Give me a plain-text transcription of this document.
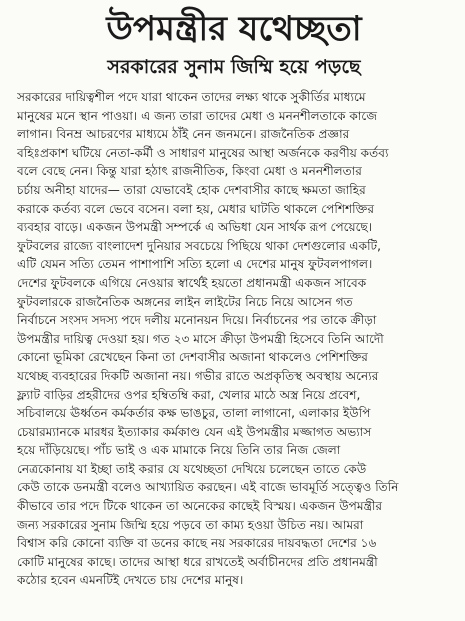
উপমন্ত্রীর যথেচ্ছতা
সরকারের সুনাম জিম্মি হয়ে পড়ছে
সরকারের দায়িত্বশীল পদে যারা থাকেন তাদের লক্ষ্য থাকে সুকীর্তির মাধ্যমে
মানুষের মনে স্থান পাওয়া। এ জন্য তারা তাদের মেধা ও মননশীলতাকে কাজে
লাগান। বিনম্র আচরণের মাধ্যমে ঠাঁই নেন জনমনে। রাজনৈতিক প্রজ্ঞার
বহিঃপ্রকাশ ঘটিয়ে নেতা-কর্মী ও সাধারণ মানুষের আস্থা অর্জনকে করণীয় কর্তব্য
বলে বেছে নেন। কিন্তু যারা হঠাৎ রাজনীতিক, কিংবা মেধা ও মননশীলতার
চর্চায় অনীহা যাদের— তারা যেভাবেই হোক দেশবাসীর কাছে ক্ষমতা জাহির
করাকে কর্তব্য বলে ভেবে বসেন। বলা হয়, মেধার ঘাটতি থাকলে পেশিশক্তির
ব্যবহার বাড়ে। একজন উপমন্ত্রী সম্পর্কে এ অভিধা যেন সার্থক রূপ পেয়েছে।
ফুটবলের রাজ্যে বাংলাদেশ দুনিয়ার সবচেয়ে পিছিয়ে থাকা দেশগুলোর একটি,
এটি যেমন সত্যি তেমন পাশাপাশি সত্যি হলো এ দেশের মানুষ ফুটবলপাগল।
দেশের ফুটবলকে এগিয়ে নেওয়ার স্বার্থেই হয়তো প্রধানমন্ত্রী একজন সাবেক
ফুটবলারকে রাজনৈতিক অঙ্গনের লাইন লাইটের নিচে নিয়ে আসেন গত
নির্বাচনে সংসদ সদস্য পদে দলীয় মনোনয়ন দিয়ে। নির্বাচনের পর তাকে ক্রীড়া
উপমন্ত্রীর দায়িত্ব দেওয়া হয়। গত ২৩ মাসে ক্রীড়া উপমন্ত্রী হিসেবে তিনি আদৌ
কোনো ভূমিকা রেখেছেন কিনা তা দেশবাসীর অজানা থাকলেও পেশিশক্তির
যথেচ্ছ ব্যবহারের দিকটি অজানা নয়। গভীর রাতে অপ্রকৃতিস্থ অবস্থায় অন্যের
ফ্ল্যাট বাড়ির প্রহরীদের ওপর হম্বিতম্বি করা, খেলার মাঠে অস্ত্র নিয়ে প্রবেশ,
সচিবালয়ে ঊর্ধ্বতন কর্মকর্তার কক্ষ ভাঙচুর, তালা লাগানো, এলাকার ইউপি
চেয়ারম্যানকে মারধর ইত্যাকার কর্মকাণ্ড যেন এই উপমন্ত্রীর মজ্জাগত অভ্যাস
হয়ে দাঁড়িয়েছে। পাঁচ ভাই ও এক মামাকে নিয়ে তিনি তার নিজ জেলা
নেত্রকোনায় যা ইচ্ছা তাই করার যে যথেচ্ছতা দেখিয়ে চলেছেন তাতে কেউ
কেউ তাকে ডনমন্ত্রী বলেও আখ্যায়িত করছেন। এই বাজে ভাবমূর্তি সত্ত্বেও তিনি
কীভাবে তার পদে টিকে থাকেন তা অনেকের কাছেই বিস্ময়। একজন উপমন্ত্রীর
জন্য সরকারের সুনাম জিম্মি হয়ে পড়বে তা কাম্য হওয়া উচিত নয়। আমরা
বিশ্বাস করি কোনো ব্যক্তি বা ডনের কাছে নয় সরকারের দায়বদ্ধতা দেশের ১৬
কোটি মানুষের কাছে। তাদের আস্থা ধরে রাখতেই অর্বাচীনদের প্রতি প্রধানমন্ত্রী
কঠোর হবেন এমনটিই দেখতে চায় দেশের মানুষ।
